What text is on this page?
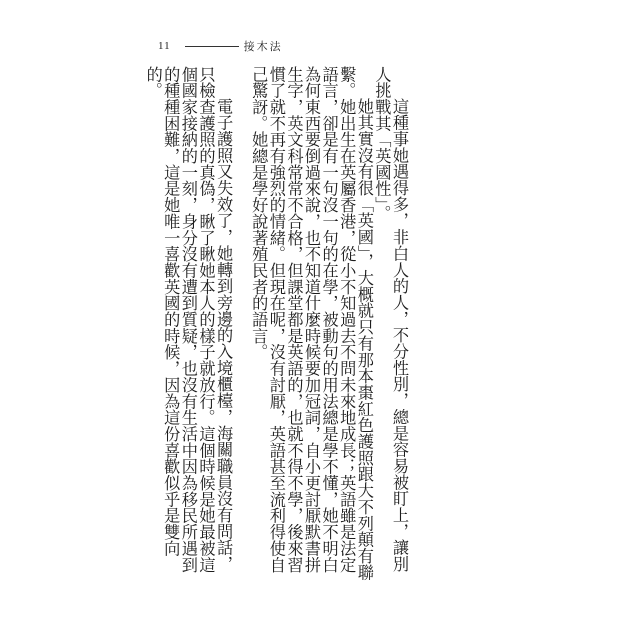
11	接木法

這種事她遇得多，非白人的人，不分性別，總是容易被盯上，讓別人挑戰其「英國性」。

她其實沒有很「英國」，大概就只有那本棗紅色護照跟大不列顛有聯繫。她出生在英屬香港，從小不知過去不問未來地成長；英語雖是法定語言，卻是有一句沒一句的在學，被動句的用法總是學不懂，她不明白為何東西要倒過來說，也不知道什麼時候要加冠詞，自小更討厭默書拼生字，英文科常常不合格，但課堂都是英語的，也就不得不學，後來習慣了就不再有強烈的情緒。但現在呢，沒有討厭，英語甚至流利得使自己驚訝。她總是學好說著殖民者的語言。

電子護照又失效了，她轉到旁邊的入境櫃檯，海關職員沒有問話，只檢查護照的真偽，瞅了瞅她本人的樣子就放行。這個時候是她最被這個國家接納的一刻，身分沒有遭到質疑，也沒有生活中因為移民所遇到的種種困難，這是她唯一喜歡英國的時候，因為這份喜歡似乎是雙向的。
